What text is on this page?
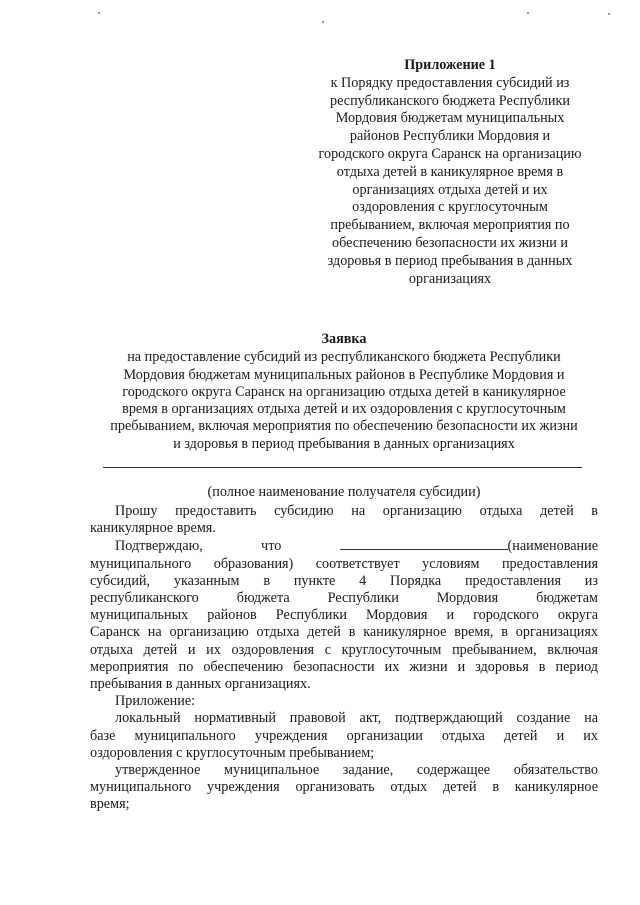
Приложение 1
к Порядку предоставления субсидий из
республиканского бюджета Республики
Мордовия бюджетам муниципальных
районов Республики Мордовия и
городского округа Саранск на организацию
отдыха детей в каникулярное время в
организациях отдыха детей и их
оздоровления с круглосуточным
пребыванием, включая мероприятия по
обеспечению безопасности их жизни и
здоровья в период пребывания в данных
организациях
Заявка
на предоставление субсидий из республиканского бюджета Республики
Мордовия бюджетам муниципальных районов в Республике Мордовия и
городского округа Саранск на организацию отдыха детей в каникулярное
время в организациях отдыха детей и их оздоровления с круглосуточным
пребыванием, включая мероприятия по обеспечению безопасности их жизни
и здоровья в период пребывания в данных организациях
(полное наименование получателя субсидии)
Прошу предоставить субсидию на организацию отдыха детей в
каникулярное время.
Подтверждаю, что	(наименование
муниципального образования) соответствует условиям предоставления
субсидий, указанным в пункте 4 Порядка предоставления из
республиканского бюджета Республики Мордовия бюджетам
муниципальных районов Республики Мордовия и городского округа
Саранск на организацию отдыха детей в каникулярное время, в организациях
отдыха детей и их оздоровления с круглосуточным пребыванием, включая
мероприятия по обеспечению безопасности их жизни и здоровья в период
пребывания в данных организациях.
Приложение:
локальный нормативный правовой акт, подтверждающий создание на
базе муниципального учреждения организации отдыха детей и их
оздоровления с круглосуточным пребыванием;
утвержденное муниципальное задание, содержащее обязательство
муниципального учреждения организовать отдых детей в каникулярное
время;
